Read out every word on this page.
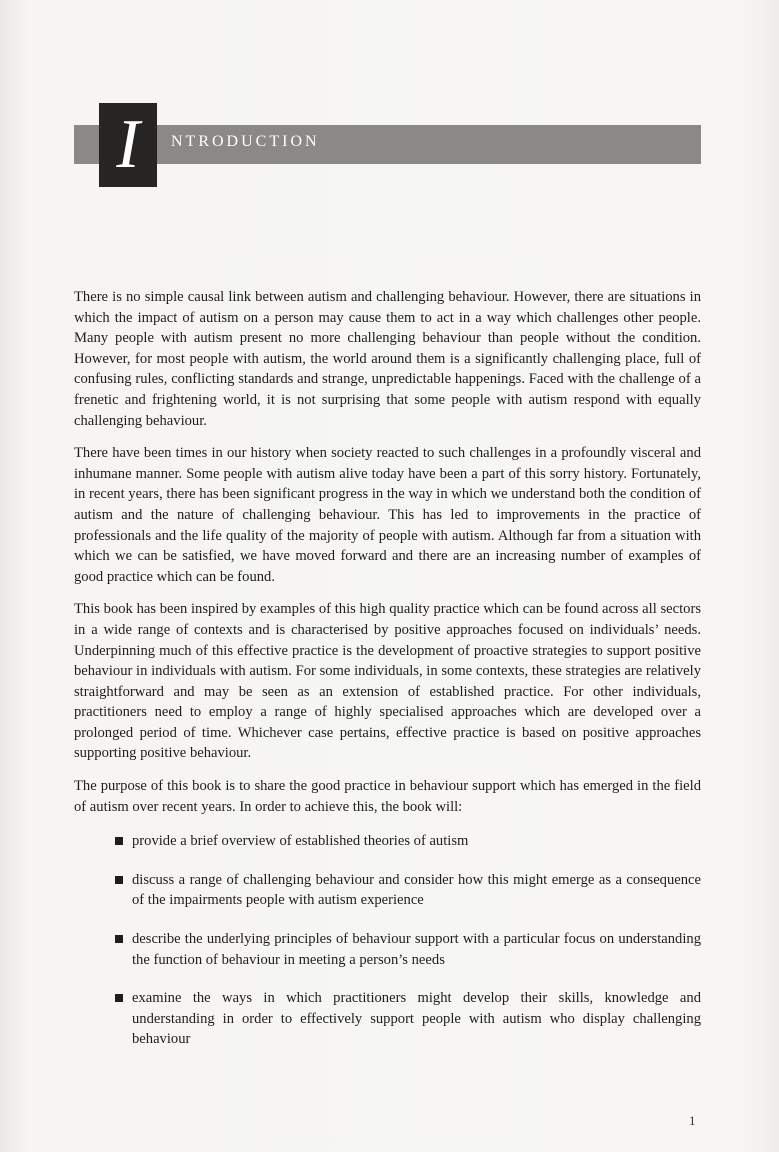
I	NTRODUCTION

There is no simple causal link between autism and challenging behaviour. However, there are situations in which the impact of autism on a person may cause them to act in a way which challenges other people. Many people with autism present no more challenging behaviour than people without the condition. However, for most people with autism, the world around them is a significantly challenging place, full of confusing rules, conflicting standards and strange, unpredictable happenings. Faced with the challenge of a frenetic and frightening world, it is not surprising that some people with autism respond with equally challenging behaviour.

There have been times in our history when society reacted to such challenges in a profoundly visceral and inhumane manner. Some people with autism alive today have been a part of this sorry history. Fortunately, in recent years, there has been significant progress in the way in which we understand both the condition of autism and the nature of challenging behaviour. This has led to improvements in the practice of professionals and the life quality of the majority of people with autism. Although far from a situation with which we can be satisfied, we have moved forward and there are an increasing number of examples of good practice which can be found.

This book has been inspired by examples of this high quality practice which can be found across all sectors in a wide range of contexts and is characterised by positive approaches focused on individuals’ needs. Underpinning much of this effective practice is the development of proactive strategies to support positive behaviour in individuals with autism. For some individuals, in some contexts, these strategies are relatively straightforward and may be seen as an extension of established practice. For other individuals, practitioners need to employ a range of highly specialised approaches which are developed over a prolonged period of time. Whichever case pertains, effective practice is based on positive approaches supporting positive behaviour.

The purpose of this book is to share the good practice in behaviour support which has emerged in the field of autism over recent years. In order to achieve this, the book will:

provide a brief overview of established theories of autism
discuss a range of challenging behaviour and consider how this might emerge as a consequence of the impairments people with autism experience
describe the underlying principles of behaviour support with a particular focus on understanding the function of behaviour in meeting a person’s needs
examine the ways in which practitioners might develop their skills, knowledge and understanding in order to effectively support people with autism who display challenging behaviour
1
